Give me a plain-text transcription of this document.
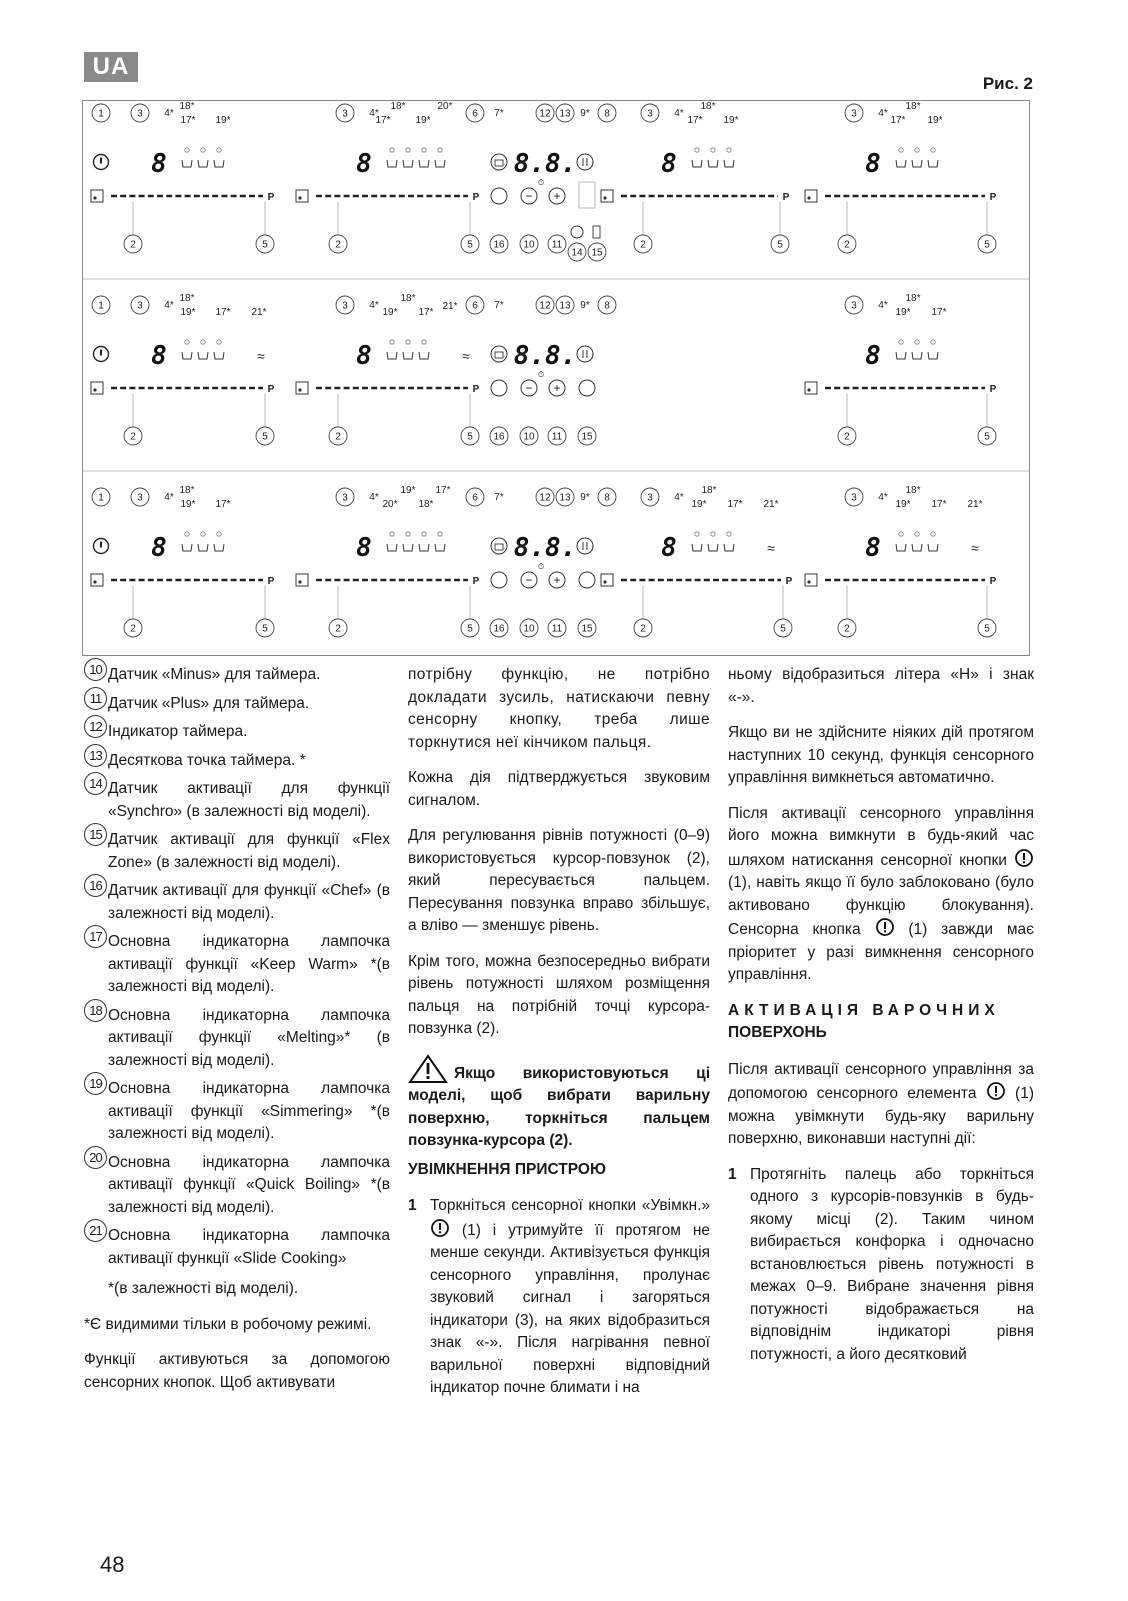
UA
Рис. 2
1	3 4*
18*
17* 19*
8
P
2	5
3 4*
18*
17* 19*
20*
8
P
2	5
6 7*	12 13 9* 8
8.8.
− +
⏱
16 10 11
14 15
3 4*
18*
17* 19*
8
P
2	5
3 4*
18*
17* 19*
8
P
2	5
1	3 4*
18*
19* 17* 21*
8	≈
P
2	5
3 4*
18*
19* 17*
21*
8	≈
P
2	5
6 7*	12 13 9* 8
8.8.
− +
⏱
16 10 11 15
3 4*
18*
19* 17*
8
P
2	5
1	3 4*
18*
19* 17*
8
P
2	5
3 4*
19*
20* 18*
17*
8
P
2	5
6 7*	12 13 9* 8
8.8.
− +
⏱
16 10 11 15
3 4*
18*
19* 17* 21*
8	≈
P
2	5
3 4*
18*
19* 17* 21*
8	≈
P
2	5
10 Датчик «Minus» для таймера.
11 Датчик «Plus» для таймера.
12 Індикатор таймера.
13 Десяткова точка таймера. *
14 Датчик активації для функції «Synchro» (в залежності від моделі).
15 Датчик активації для функції «Flex Zone» (в залежності від моделі).
16 Датчик активації для функції «Chef» (в залежності від моделі).
17 Основна індикаторна лампочка активації функції «Keep Warm» *(в залежності від моделі).
18 Основна індикаторна лампочка активації функції «Melting»* (в залежності від моделі).
19 Основна індикаторна лампочка активації функції «Simmering» *(в залежності від моделі).
20 Основна індикаторна лампочка активації функції «Quick Boiling» *(в залежності від моделі).
21 Основна індикаторна лампочка активації функції «Slide Cooking»

*(в залежності від моделі).

*Є видимими тільки в робочому режимі.

Функції активуються за допомогою сенсорних кнопок. Щоб активувати

потрібну функцію, не потрібно докладати зусиль, натискаючи певну сенсорну кнопку, треба лише торкнутися неї кінчиком пальця.

Кожна дія підтверджується звуковим сигналом.

Для регулювання рівнів потужності (0–9) використовується курсор-повзунок (2), який пересувається пальцем. Пересування повзунка вправо збільшує, а вліво — зменшує рівень.

Крім того, можна безпосередньо вибрати рівень потужності шляхом розміщення пальця на потрібній точці курсора-повзунка (2).

Якщо використовуються ці моделі, щоб вибрати варильну поверхню, торкніться пальцем повзунка-курсора (2).
УВІМКНЕННЯ ПРИСТРОЮ
1 Торкніться сенсорної кнопки «Увімкн.»  (1) і утримуйте її протягом не менше секунди. Активізується функція сенсорного управління, пролунає звуковий сигнал і загоряться індикатори (3), на яких відобразиться знак «-». Після нагрівання певної варильної поверхні відповідний індикатор почне блимати і на

ньому відобразиться літера «H» і знак «-».

Якщо ви не здійсните ніяких дій протягом наступних 10 секунд, функція сенсорного управління вимкнеться автоматично.

Після активації сенсорного управління його можна вимкнути в будь-який час шляхом натискання сенсорної кнопки  (1), навіть якщо її було заблоковано (було активовано функцію блокування). Сенсорна кнопка	(1) завжди має пріоритет у разі вимкнення сенсорного управління.

АКТИВАЦІЯ ВАРОЧНИХ
ПОВЕРХОНЬ

Після активації сенсорного управління за допомогою сенсорного елемента (1) можна увімкнути будь-яку варильну поверхню, виконавши наступні дії:

1 Протягніть палець або торкніться одного з курсорів-повзунків в будь-якому місці (2). Таким чином вибирається конфорка і одночасно встановлюється рівень потужності в межах 0–9. Вибране значення рівня потужності відображається на відповіднім індикаторі рівня потужності, а його десятковий
48
